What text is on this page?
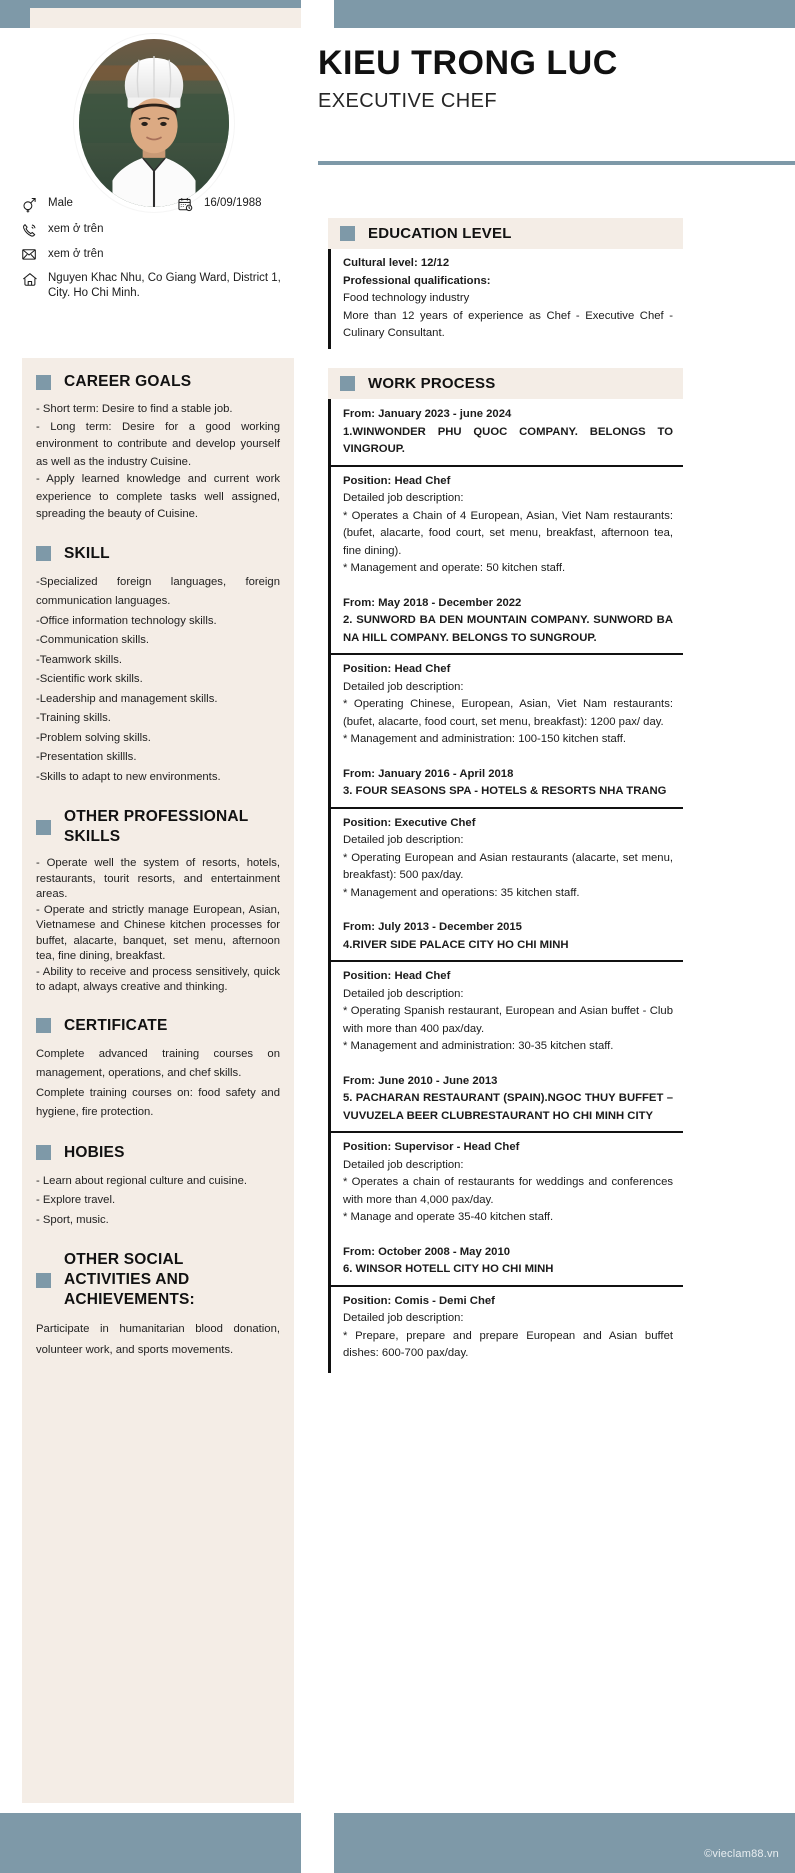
Male	16/09/1988
xem ở trên
xem ở trên
Nguyen Khac Nhu, Co Giang Ward, District 1, City. Ho Chi Minh.
CAREER GOALS

- Short term: Desire to find a stable job.

- Long term: Desire for a good working environment to contribute and develop yourself as well as the industry Cuisine.

- Apply learned knowledge and current work experience to complete tasks well assigned, spreading the beauty of Cuisine.

SKILL

-Specialized foreign languages, foreign communication languages.

-Office information technology skills.

-Communication skills.

-Teamwork skills.

-Scientific work skills.

-Leadership and management skills.

-Training skills.

-Problem solving skills.

-Presentation skillls.

-Skills to adapt to new environments.

OTHER PROFESSIONAL SKILLS

- Operate well the system of resorts, hotels, restaurants, tourit resorts, and entertainment areas.

- Operate and strictly manage European, Asian, Vietnamese and Chinese kitchen processes for buffet, alacarte, banquet, set menu, afternoon tea, fine dining, breakfast.

- Ability to receive and process sensitively, quick to adapt, always creative and thinking.

CERTIFICATE

Complete advanced training courses on management, operations, and chef skills.

Complete training courses on: food safety and hygiene, fire protection.

HOBIES

- Learn about regional culture and cuisine.

- Explore travel.

- Sport, music.

OTHER SOCIAL ACTIVITIES AND ACHIEVEMENTS:

Participate in humanitarian blood donation, volunteer work, and sports movements.

KIEU TRONG LUC
EXECUTIVE CHEF
EDUCATION LEVEL

Cultural level: 12/12

Professional qualifications:

Food technology industry

More than 12 years of experience as Chef - Executive Chef - Culinary Consultant.

WORK PROCESS

From: January 2023 - june 2024

1.WINWONDER PHU QUOC COMPANY. BELONGS TO VINGROUP.

Position: Head Chef

Detailed job description:

* Operates a Chain of 4 European, Asian, Viet Nam restaurants: (bufet, alacarte, food court, set menu, breakfast, afternoon tea, fine dining).

* Management and operate: 50 kitchen staff.

From: May 2018 - December 2022

2. SUNWORD BA DEN MOUNTAIN COMPANY. SUNWORD BA NA HILL COMPANY. BELONGS TO SUNGROUP.

Position: Head Chef

Detailed job description:

* Operating Chinese, European, Asian, Viet Nam restaurants: (bufet, alacarte, food court, set menu, breakfast): 1200 pax/ day.

* Management and administration: 100-150 kitchen staff.

From: January 2016 - April 2018

3. FOUR SEASONS SPA - HOTELS & RESORTS NHA TRANG

Position: Executive Chef

Detailed job description:

* Operating European and Asian restaurants (alacarte, set menu, breakfast): 500 pax/day.

* Management and operations: 35 kitchen staff.

From: July 2013 - December 2015

4.RIVER SIDE PALACE CITY HO CHI MINH

Position: Head Chef

Detailed job description:

* Operating Spanish restaurant, European and Asian buffet - Club with more than 400 pax/day.

* Management and administration: 30-35 kitchen staff.

From: June 2010 - June 2013

5. PACHARAN RESTAURANT (SPAIN).NGOC THUY BUFFET – VUVUZELA BEER CLUBRESTAURANT HO CHI MINH CITY

Position: Supervisor - Head Chef

Detailed job description:

* Operates a chain of restaurants for weddings and conferences with more than 4,000 pax/day.

* Manage and operate 35-40 kitchen staff.

From: October 2008 - May 2010

6. WINSOR HOTELL CITY HO CHI MINH

Position: Comis - Demi Chef

Detailed job description:

* Prepare, prepare and prepare European and Asian buffet dishes: 600-700 pax/day.

©vieclam88.vn
